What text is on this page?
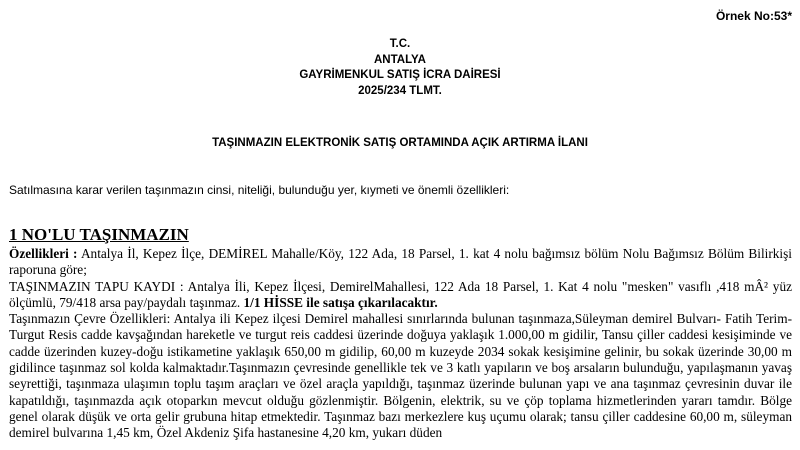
Örnek No:53*
T.C.
ANTALYA
GAYRİMENKUL SATIŞ İCRA DAİRESİ
2025/234 TLMT.
TAŞINMAZIN ELEKTRONİK SATIŞ ORTAMINDA AÇIK ARTIRMA İLANI
Satılmasına karar verilen taşınmazın cinsi, niteliği, bulunduğu yer, kıymeti ve önemli özellikleri:
1 NO'LU TAŞINMAZIN

Özellikleri : Antalya İl, Kepez İlçe, DEMİREL Mahalle/Köy, 122 Ada, 18 Parsel, 1. kat 4 nolu bağımsız bölüm Nolu Bağımsız Bölüm Bilirkişi raporuna göre;

TAŞINMAZIN TAPU KAYDI : Antalya İli, Kepez İlçesi, DemirelMahallesi, 122 Ada 18 Parsel, 1. Kat 4 nolu "mesken" vasıflı ,418 mÂ² yüz ölçümlü, 79/418 arsa pay/paydalı taşınmaz. 1/1 HİSSE ile satışa çıkarılacaktır.

Taşınmazın Çevre Özellikleri: Antalya ili Kepez ilçesi Demirel mahallesi sınırlarında bulunan taşınmaza,Süleyman demirel Bulvarı- Fatih Terim- Turgut Resis cadde kavşağından hareketle ve turgut reis caddesi üzerinde doğuya yaklaşık 1.000,00 m gidilir, Tansu çiller caddesi kesişiminde ve cadde üzerinden kuzey-doğu istikametine yaklaşık 650,00 m gidilip, 60,00 m kuzeyde 2034 sokak kesişimine gelinir, bu sokak üzerinde 30,00 m gidilince taşınmaz sol kolda kalmaktadır.Taşınmazın çevresinde genellikle tek ve 3 katlı yapıların ve boş arsaların bulunduğu, yapılaşmanın yavaş seyrettiği, taşınmaza ulaşımın toplu taşım araçları ve özel araçla yapıldığı, taşınmaz üzerinde bulunan yapı ve ana taşınmaz çevresinin duvar ile kapatıldığı, taşınmazda açık otoparkın mevcut olduğu gözlenmiştir. Bölgenin, elektrik, su ve çöp toplama hizmetlerinden yararı tamdır. Bölge genel olarak düşük ve orta gelir grubuna hitap etmektedir. Taşınmaz bazı merkezlere kuş uçumu olarak; tansu çiller caddesine 60,00 m, süleyman demirel bulvarına 1,45 km, Özel Akdeniz Şifa hastanesine 4,20 km, yukarı düden
